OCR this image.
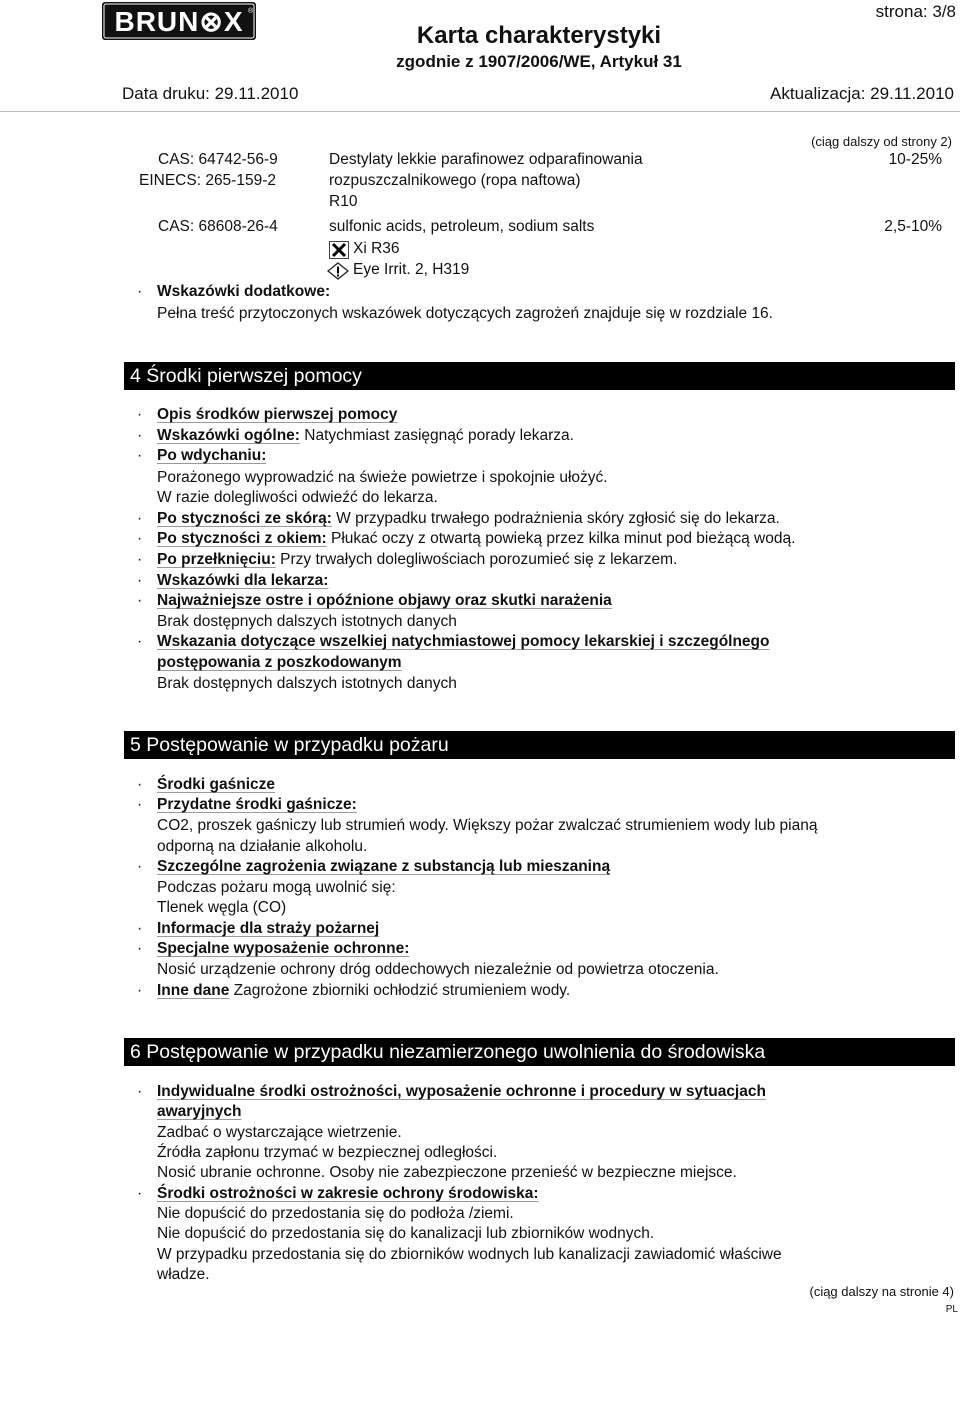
BRUN⊗X ®	strona: 3/8
Karta charakterystyki
zgodnie z 1907/2006/WE, Artykuł 31
Data druku: 29.11.2010	Aktualizacja: 29.11.2010
(ciąg dalszy od strony 2)
CAS: 64742-56-9	Destylaty lekkie parafinowez odparafinowania	10-25%
EINECS: 265-159-2	rozpuszczalnikowego (ropa naftowa)
R10
CAS: 68608-26-4	sulfonic acids, petroleum, sodium salts	2,5-10%
Xi R36
Eye Irrit. 2, H319
· Wskazówki dodatkowe:
Pełna treść przytoczonych wskazówek dotyczących zagrożeń znajduje się w rozdziale 16.
4 Środki pierwszej pomocy
· Opis środków pierwszej pomocy
· Wskazówki ogólne: Natychmiast zasięgnąć porady lekarza.
· Po wdychaniu:
Porażonego wyprowadzić na świeże powietrze i spokojnie ułożyć.
W razie dolegliwości odwieźć do lekarza.
· Po styczności ze skórą: W przypadku trwałego podrażnienia skóry zgłosić się do lekarza.
· Po styczności z okiem: Płukać oczy z otwartą powieką przez kilka minut pod bieżącą wodą.
· Po przełknięciu: Przy trwałych dolegliwościach porozumieć się z lekarzem.
· Wskazówki dla lekarza:
· Najważniejsze ostre i opóźnione objawy oraz skutki narażenia
Brak dostępnych dalszych istotnych danych
· Wskazania dotyczące wszelkiej natychmiastowej pomocy lekarskiej i szczególnego
postępowania z poszkodowanym
Brak dostępnych dalszych istotnych danych
5 Postępowanie w przypadku pożaru
· Środki gaśnicze
· Przydatne środki gaśnicze:
CO2, proszek gaśniczy lub strumień wody. Większy pożar zwalczać strumieniem wody lub pianą
odporną na działanie alkoholu.
· Szczególne zagrożenia związane z substancją lub mieszaniną
Podczas pożaru mogą uwolnić się:
Tlenek węgla (CO)
· Informacje dla straży pożarnej
· Specjalne wyposażenie ochronne:
Nosić urządzenie ochrony dróg oddechowych niezależnie od powietrza otoczenia.
· Inne dane Zagrożone zbiorniki ochłodzić strumieniem wody.
6 Postępowanie w przypadku niezamierzonego uwolnienia do środowiska
· Indywidualne środki ostrożności, wyposażenie ochronne i procedury w sytuacjach
awaryjnych
Zadbać o wystarczające wietrzenie.
Źródła zapłonu trzymać w bezpiecznej odległości.
Nosić ubranie ochronne. Osoby nie zabezpieczone przenieść w bezpieczne miejsce.
· Środki ostrożności w zakresie ochrony środowiska:
Nie dopuścić do przedostania się do podłoża /ziemi.
Nie dopuścić do przedostania się do kanalizacji lub zbiorników wodnych.
W przypadku przedostania się do zbiorników wodnych lub kanalizacji zawiadomić właściwe
władze.
(ciąg dalszy na stronie 4)
PL
